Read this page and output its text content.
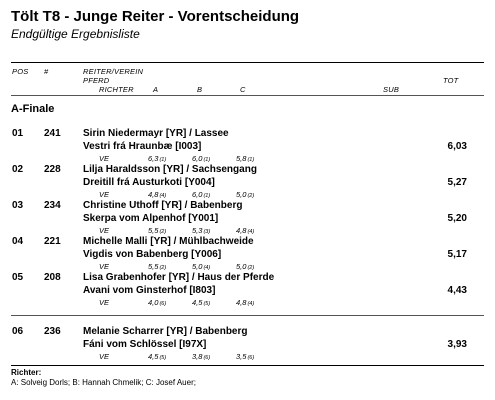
Tölt T8 - Junge Reiter - Vorentscheidung
Endgültige Ergebnisliste
POS #	REITER/VEREIN
PFERD	TOT
RICHTER	A	B	C	SUB
A-Finale
01 241 Sirin Niedermayr [YR] / Lassee
Vestri frá Hraunbæ [I003]	6,03
VE	6,3(1)	6,0(1)	5,8(1)
02 228 Lilja Haraldsson [YR] / Sachsengang
Dreitill frá Austurkoti [Y004]	5,27
VE	4,8(4)	6,0(1)	5,0(2)
03 234 Christine Uthoff [YR] / Babenberg
Skerpa vom Alpenhof [Y001]	5,20
VE	5,5(2)	5,3(3)	4,8(4)
04 221 Michelle Malli [YR] / Mühlbachweide
Vigdis von Babenberg [Y006]	5,17
VE	5,5(2)	5,0(4)	5,0(2)
05 208 Lisa Grabenhofer [YR] / Haus der Pferde
Avani vom Ginsterhof [I803]	4,43
VE	4,0(6)	4,5(5)	4,8(4)
06 236 Melanie Scharrer [YR] / Babenberg
Fáni vom Schlössel [I97X]	3,93
VE	4,5(5)	3,8(6)	3,5(6)
Richter:
A: Solveig Dorls; B: Hannah Chmelik; C: Josef Auer;
